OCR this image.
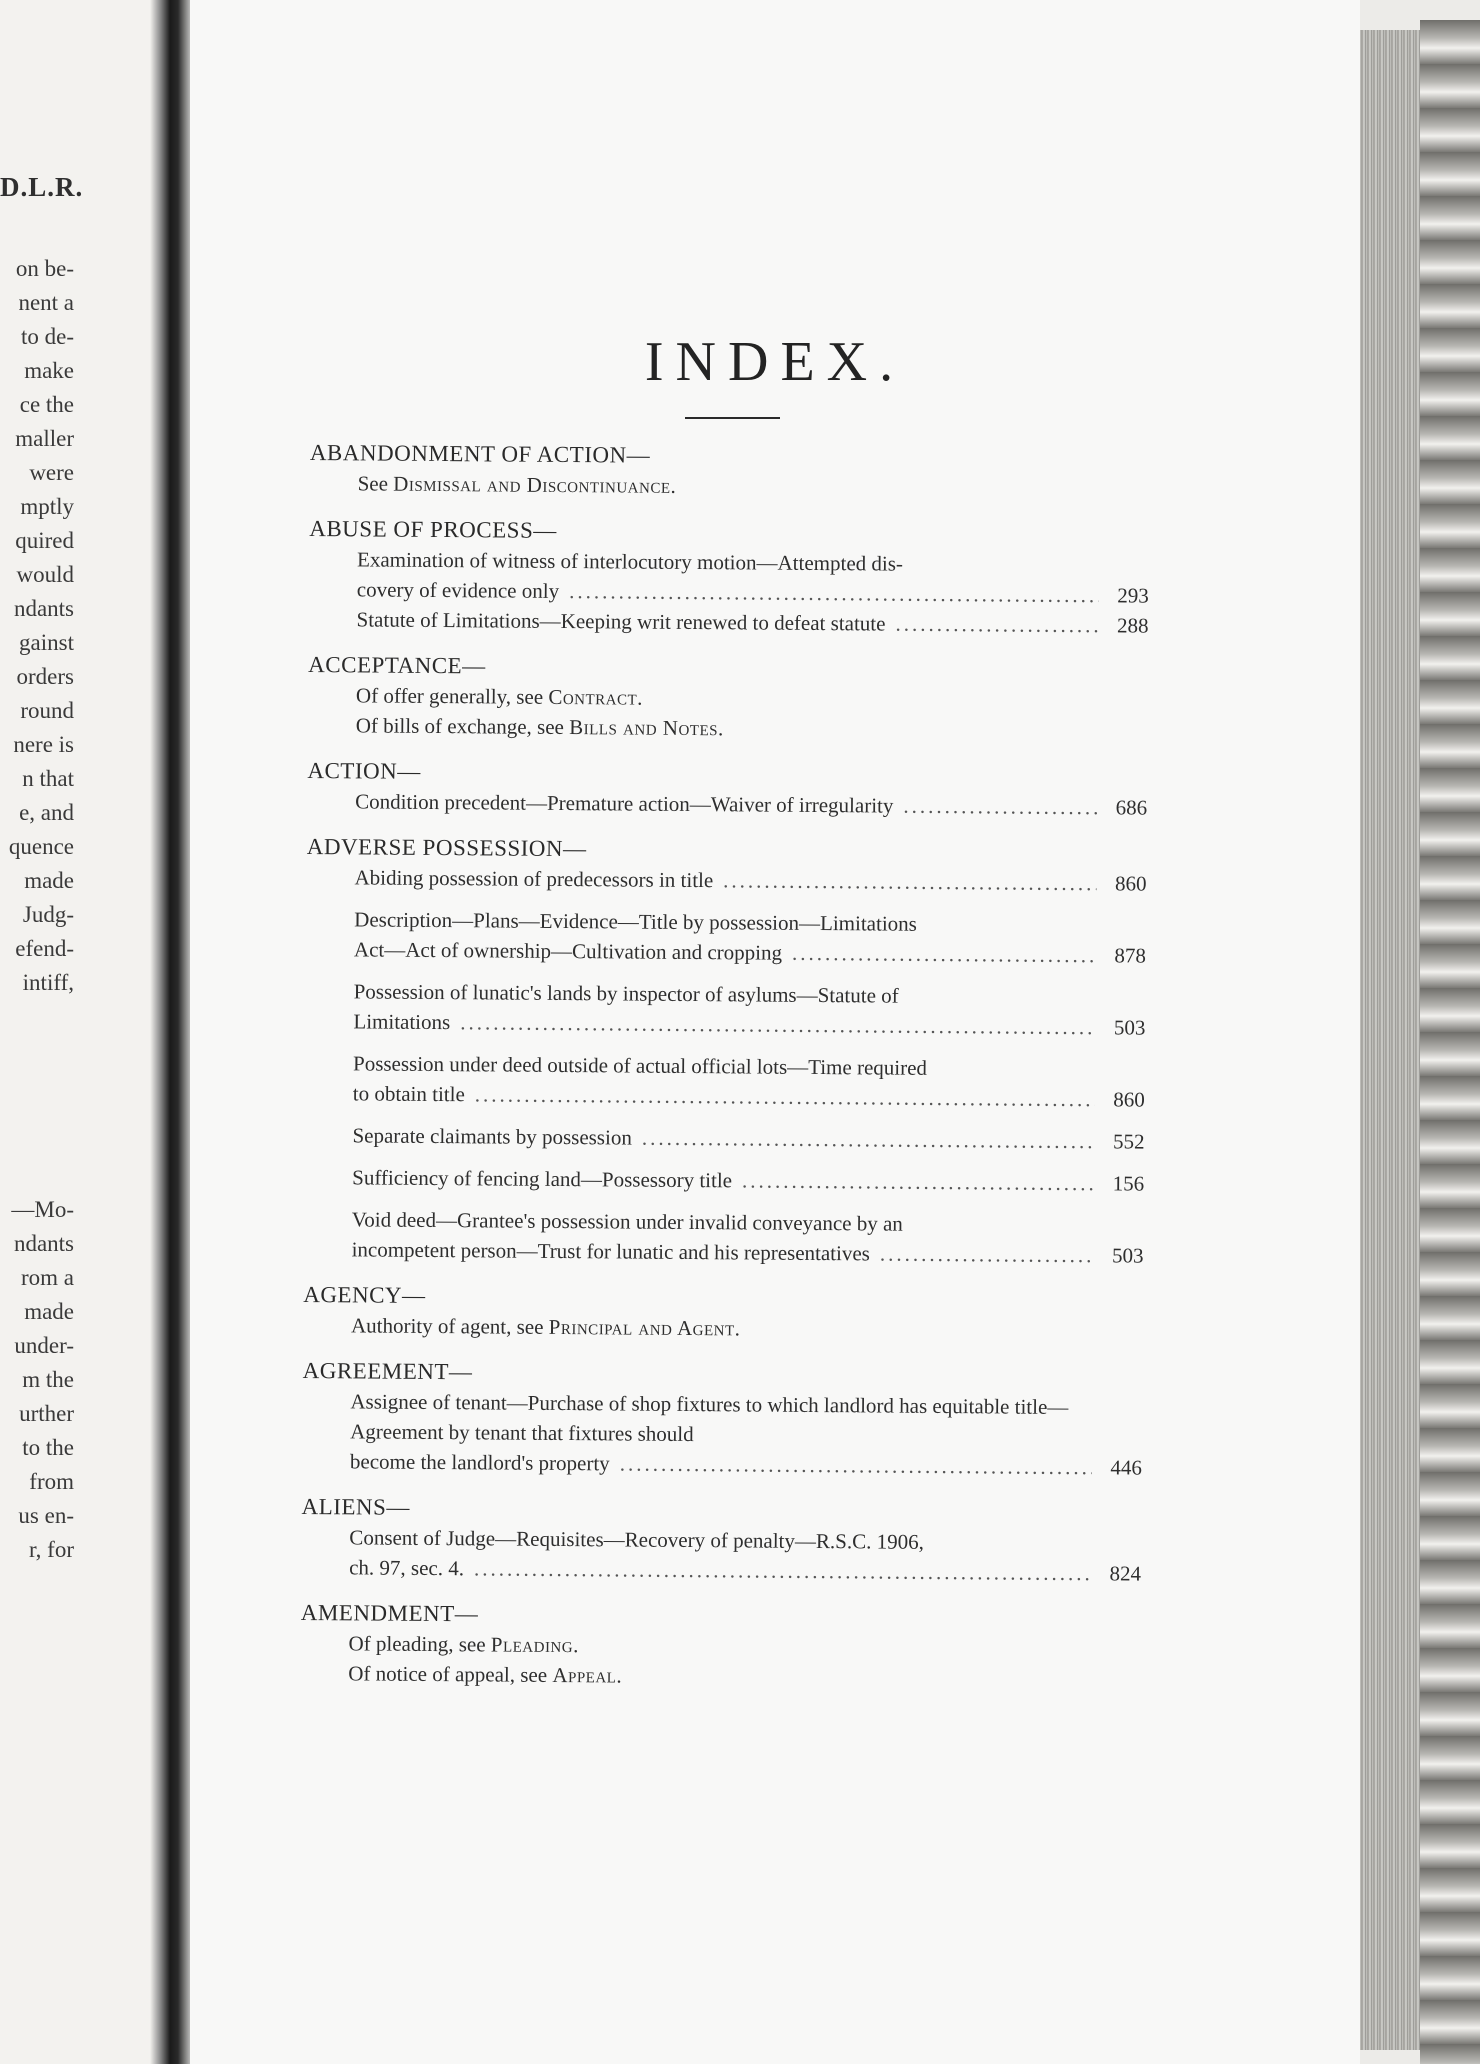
D.L.R.
on be-
nent a
to de-
make
ce the
maller
were
mptly
quired
would
ndants
gainst
orders
round
nere is
n that
e, and
quence
made
Judg-
efend-
intiff,
—Mo-
ndants
rom a
made
under-
m the
urther
to the
from
us en-
r, for
INDEX.
ABANDONMENT OF ACTION—
See Dismissal and Discontinuance.
ABUSE OF PROCESS—
Examination of witness of interlocutory motion—Attempted dis-
covery of evidence only .....	293
Statute of Limitations—Keeping writ renewed to defeat statute .....	288
ACCEPTANCE—
Of offer generally, see Contract.
Of bills of exchange, see Bills and Notes.
ACTION—
Condition precedent—Premature action—Waiver of irregularity .....	686
ADVERSE POSSESSION—
Abiding possession of predecessors in title .....	860
Description—Plans—Evidence—Title by possession—Limitations
Act—Act of ownership—Cultivation and cropping .....	878
Possession of lunatic's lands by inspector of asylums—Statute of
Limitations .....	503
Possession under deed outside of actual official lots—Time required
to obtain title .....	860
Separate claimants by possession .....	552
Sufficiency of fencing land—Possessory title .....	156
Void deed—Grantee's possession under invalid conveyance by an
incompetent person—Trust for lunatic and his representatives .....	503
AGENCY—
Authority of agent, see Principal and Agent.
AGREEMENT—
Assignee of tenant—Purchase of shop fixtures to which landlord has equitable title—Agreement by tenant that fixtures should
become the landlord's property .....	446
ALIENS—
Consent of Judge—Requisites—Recovery of penalty—R.S.C. 1906,
ch. 97, sec. 4. .....	824
AMENDMENT—
Of pleading, see Pleading.
Of notice of appeal, see Appeal.
